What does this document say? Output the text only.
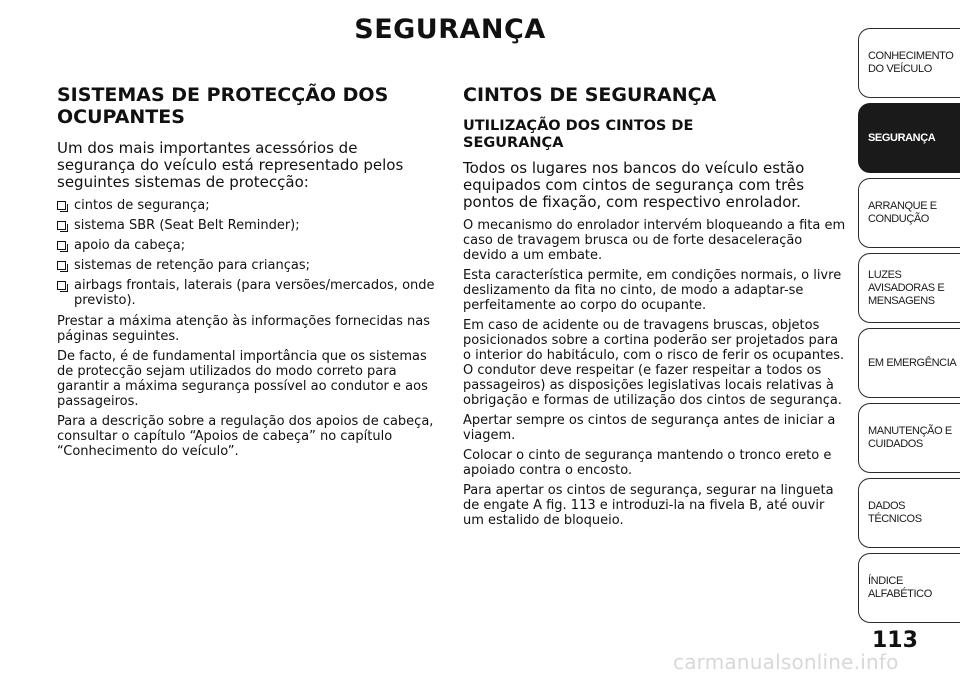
SEGURANÇA
SISTEMAS DE PROTECÇÃO DOS OCUPANTES

Um dos mais importantes acessórios de segurança do veículo está representado pelos seguintes sistemas de protecção:

cintos de segurança;
sistema SBR (Seat Belt Reminder);
apoio da cabeça;
sistemas de retenção para crianças;
airbags frontais, laterais (para versões/mercados, onde previsto).

Prestar a máxima atenção às informações fornecidas nas páginas seguintes.

De facto, é de fundamental importância que os sistemas de protecção sejam utilizados do modo correto para garantir a máxima segurança possível ao condutor e aos passageiros.

Para a descrição sobre a regulação dos apoios de cabeça, consultar o capítulo “Apoios de cabeça” no capítulo “Conhecimento do veículo”.

CINTOS DE SEGURANÇA
UTILIZAÇÃO DOS CINTOS DE SEGURANÇA

Todos os lugares nos bancos do veículo estão equipados com cintos de segurança com três pontos de fixação, com respectivo enrolador.

O mecanismo do enrolador intervém bloqueando a fita em caso de travagem brusca ou de forte desaceleração devido a um embate.

Esta característica permite, em condições normais, o livre deslizamento da fita no cinto, de modo a adaptar-se perfeitamente ao corpo do ocupante.

Em caso de acidente ou de travagens bruscas, objetos posicionados sobre a cortina poderão ser projetados para o interior do habitáculo, com o risco de ferir os ocupantes. O condutor deve respeitar (e fazer respeitar a todos os passageiros) as disposições legislativas locais relativas à obrigação e formas de utilização dos cintos de segurança.

Apertar sempre os cintos de segurança antes de iniciar a viagem.

Colocar o cinto de segurança mantendo o tronco ereto e apoiado contra o encosto.

Para apertar os cintos de segurança, segurar na lingueta de engate A fig. 113 e introduzi-la na fivela B, até ouvir um estalido de bloqueio.

CONHECIMENTO DO VEÍCULO
SEGURANÇA
ARRANQUE E CONDUÇÃO
LUZES AVISADORAS E MENSAGENS
EM EMERGÊNCIA
MANUTENÇÃO E CUIDADOS
DADOS TÉCNICOS
ÍNDICE ALFABÉTICO
113
carmanualsonline.info
